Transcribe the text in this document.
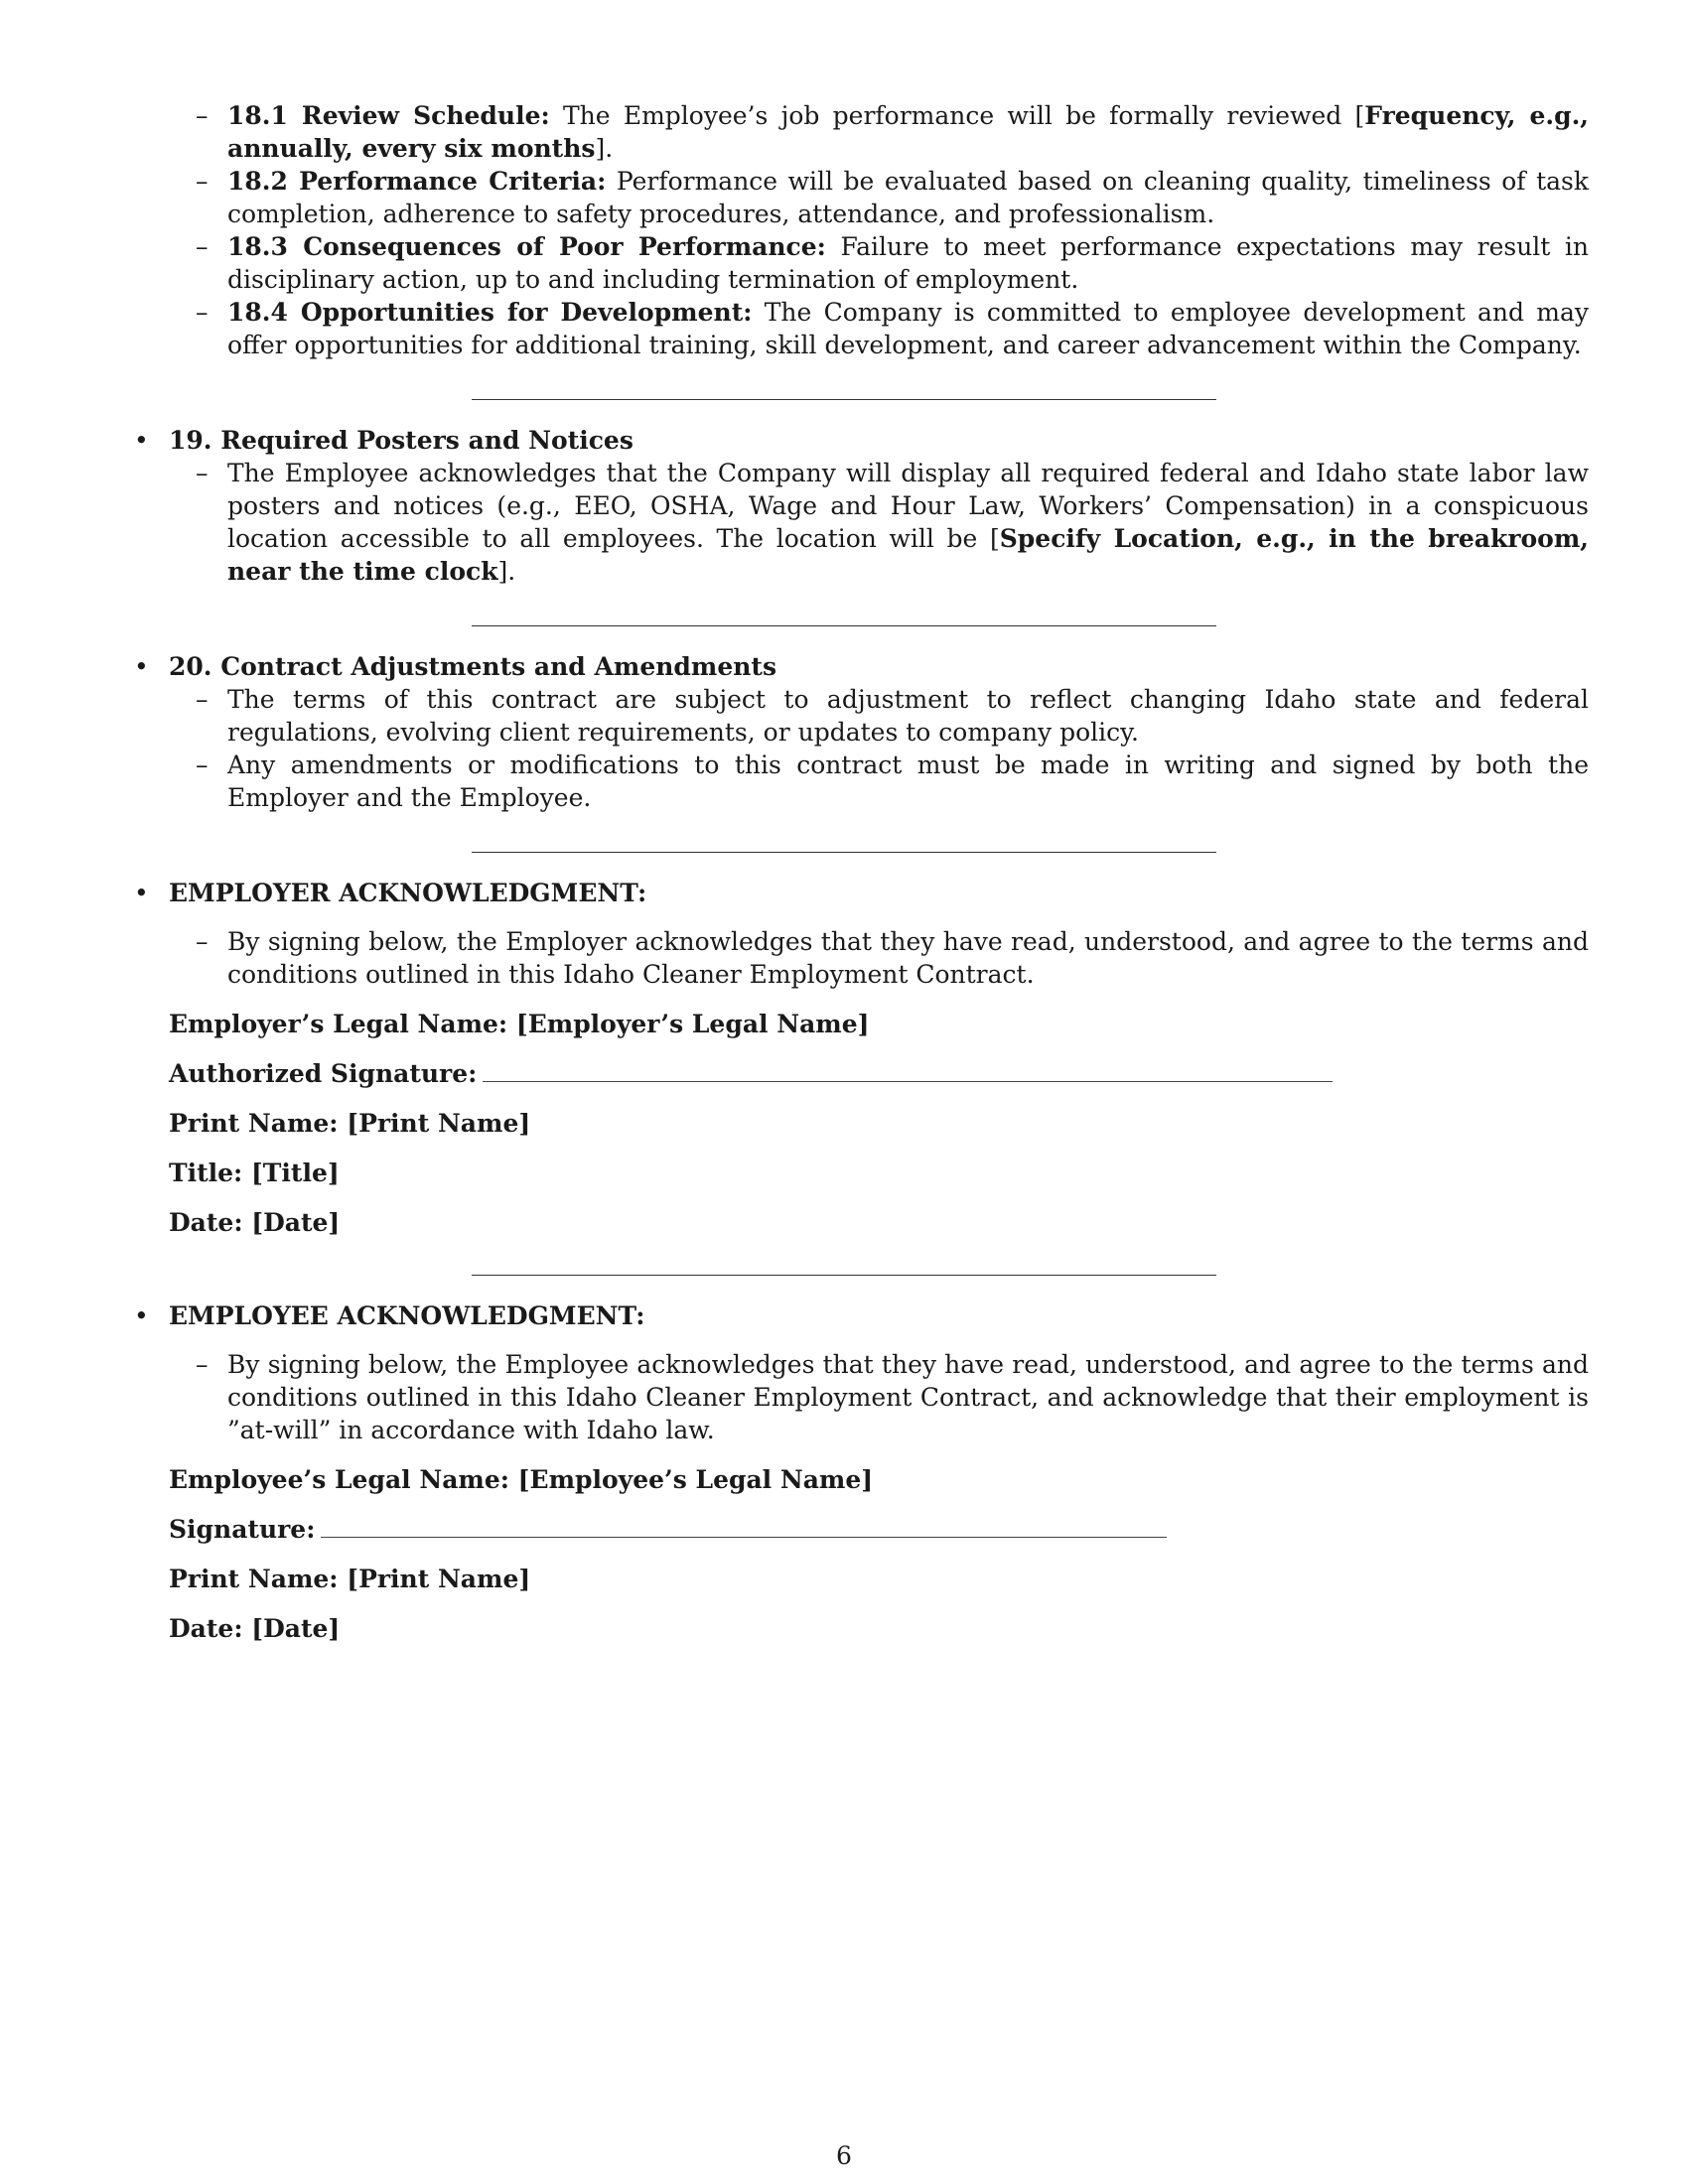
– 18.1 Review Schedule: The Employee’s job performance will be formally reviewed [Frequency, e.g., annually, every six months].
– 18.2 Performance Criteria: Performance will be evaluated based on cleaning quality, timeliness of task completion, adherence to safety procedures, attendance, and professionalism.
– 18.3 Consequences of Poor Performance: Failure to meet performance expectations may result in disciplinary action, up to and including termination of employment.
– 18.4 Opportunities for Development: The Company is committed to employee development and may offer opportunities for additional training, skill development, and career advancement within the Company.
• 19. Required Posters and Notices
– The Employee acknowledges that the Company will display all required federal and Idaho state labor law posters and notices (e.g., EEO, OSHA, Wage and Hour Law, Workers’ Compensation) in a conspicuous location accessible to all employees. The location will be [Specify Location, e.g., in the breakroom, near the time clock].
• 20. Contract Adjustments and Amendments
– The terms of this contract are subject to adjustment to reflect changing Idaho state and federal regulations, evolving client requirements, or updates to company policy.
– Any amendments or modifications to this contract must be made in writing and signed by both the Employer and the Employee.
• EMPLOYER ACKNOWLEDGMENT:
– By signing below, the Employer acknowledges that they have read, understood, and agree to the terms and conditions outlined in this Idaho Cleaner Employment Contract.
Employer’s Legal Name: [Employer’s Legal Name]
Authorized Signature:
Print Name: [Print Name]
Title: [Title]
Date: [Date]
• EMPLOYEE ACKNOWLEDGMENT:
– By signing below, the Employee acknowledges that they have read, understood, and agree to the terms and conditions outlined in this Idaho Cleaner Employment Contract, and acknowledge that their employment is ”at-will” in accordance with Idaho law.
Employee’s Legal Name: [Employee’s Legal Name]
Signature:
Print Name: [Print Name]
Date: [Date]
6
